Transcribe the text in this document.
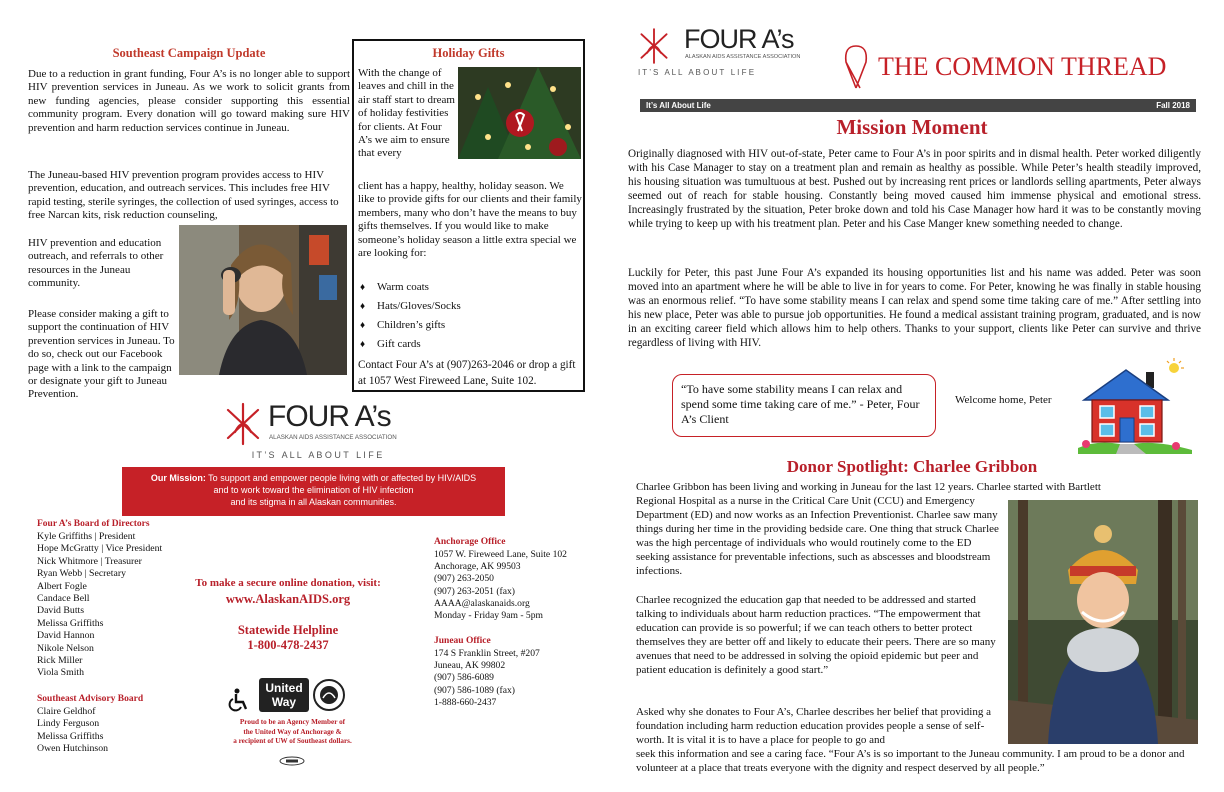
Southeast Campaign Update
Due to a reduction in grant funding, Four A’s is no longer able to support HIV prevention services in Juneau. As we work to solicit grants from new funding agencies, please consider supporting this essential community program. Every donation will go toward making sure HIV prevention and harm reduction services continue in Juneau.
The Juneau-based HIV prevention program provides access to HIV prevention, education, and outreach services. This includes free HIV rapid testing, sterile syringes, the collection of used syringes, access to free Narcan kits, risk reduction counseling,
HIV prevention and education outreach, and referrals to other resources in the Juneau community.
Please consider making a gift to support the continuation of HIV prevention services in Juneau. To do so, check out our Facebook page with a link to the campaign or designate your gift to Juneau Prevention.
Holiday Gifts
With the change of leaves and chill in the air staff start to dream of holiday festivities for clients. At Four A’s we aim to ensure that every
client has a happy, healthy, holiday season. We like to provide gifts for our clients and their family members, many who don’t have the means to buy gifts themselves. If you would like to make someone’s holiday season a little extra special we are looking for:
♦ Warm coats
♦ Hats/Gloves/Socks
♦ Children’s gifts
♦ Gift cards
Contact Four A’s at (907)263-2046 or drop a gift at 1057 West Fireweed Lane, Suite 102.
FOUR A’s
ALASKAN AIDS ASSISTANCE ASSOCIATION
I T ’ S   A L L   A B O U T   L I F E
Our Mission: To support and empower people living with or affected by HIV/AIDS
and to work toward the elimination of HIV infection
and its stigma in all Alaskan communities.
Four A’s Board of Directors
Kyle Griffiths | President
Hope McGratty | Vice President
Nick Whitmore | Treasurer
Ryan Webb | Secretary
Albert Fogle
Candace Bell
David Butts
Melissa Griffiths
David Hannon
Nikole Nelson
Rick Miller
Viola Smith
Southeast Advisory Board
Claire Geldhof
Lindy Ferguson
Melissa Griffiths
Owen Hutchinson
To make a secure online donation, visit:
www.AlaskanAIDS.org
Statewide Helpline
1-800-478-2437
United
Way
Proud to be an Agency Member of
the United Way of Anchorage &
a recipient of UW of Southeast dollars.
Anchorage Office
1057 W. Fireweed Lane, Suite 102
Anchorage, AK 99503
(907) 263-2050
(907) 263-2051 (fax)
AAAA@alaskanaids.org
Monday - Friday 9am - 5pm
Juneau Office
174 S Franklin Street, #207
Juneau, AK 99802
(907) 586-6089
(907) 586-1089 (fax)
1-888-660-2437
FOUR A’s
ALASKAN AIDS ASSISTANCE ASSOCIATION
I T ’ S   A L L   A B O U T   L I F E	THE COMMON THREAD
It’s All About Life	Fall 2018
Mission Moment
Originally diagnosed with HIV out-of-state, Peter came to Four A’s in poor spirits and in dismal health. Peter worked diligently with his Case Manager to stay on a treatment plan and remain as healthy as possible. While Peter’s health steadily improved, his housing situation was tumultuous at best. Pushed out by increasing rent prices or landlords selling apartments, Peter always seemed out of reach for stable housing. Constantly being moved caused him immense physical and emotional stress. Increasingly frustrated by the situation, Peter broke down and told his Case Manager how hard it was to be constantly moving while trying to keep up with his treatment plan. Peter and his Case Manger knew something needed to change.
Luckily for Peter, this past June Four A’s expanded its housing opportunities list and his name was added. Peter was soon moved into an apartment where he will be able to live in for years to come. For Peter, knowing he was finally in stable housing was an enormous relief. “To have some stability means I can relax and spend some time taking care of me.” After settling into his new place, Peter was able to pursue job opportunities. He found a medical assistant training program, graduated, and is now in an exciting career field which allows him to help others. Thanks to your support, clients like Peter can survive and thrive regardless of living with HIV.
“To have some stability means I can relax and spend some time taking care of me.” - Peter, Four A’s Client
Welcome home, Peter
Donor Spotlight: Charlee Gribbon
Charlee Gribbon has been living and working in Juneau for the last 12 years. Charlee started with Bartlett
Regional Hospital as a nurse in the Critical Care Unit (CCU) and Emergency Department (ED) and now works as an Infection Preventionist. Charlee saw many things during her time in the providing bedside care. One thing that struck Charlee was the high percentage of individuals who would routinely come to the ED seeking assistance for preventable infections, such as abscesses and bloodstream infections.
Charlee recognized the education gap that needed to be addressed and started talking to individuals about harm reduction practices. “The empowerment that education can provide is so powerful; if we can teach others to better protect themselves they are better off and likely to educate their peers. There are so many avenues that need to be addressed in solving the opioid epidemic but peer and patient education is definitely a good start.”
Asked why she donates to Four A’s, Charlee describes her belief that providing a foundation including harm reduction education provides people a sense of self-worth. It is vital it is to have a place for people to go and
seek this information and see a caring face. “Four A’s is so important to the Juneau community. I am proud to be a donor and volunteer at a place that treats everyone with the dignity and respect deserved by all people.”
